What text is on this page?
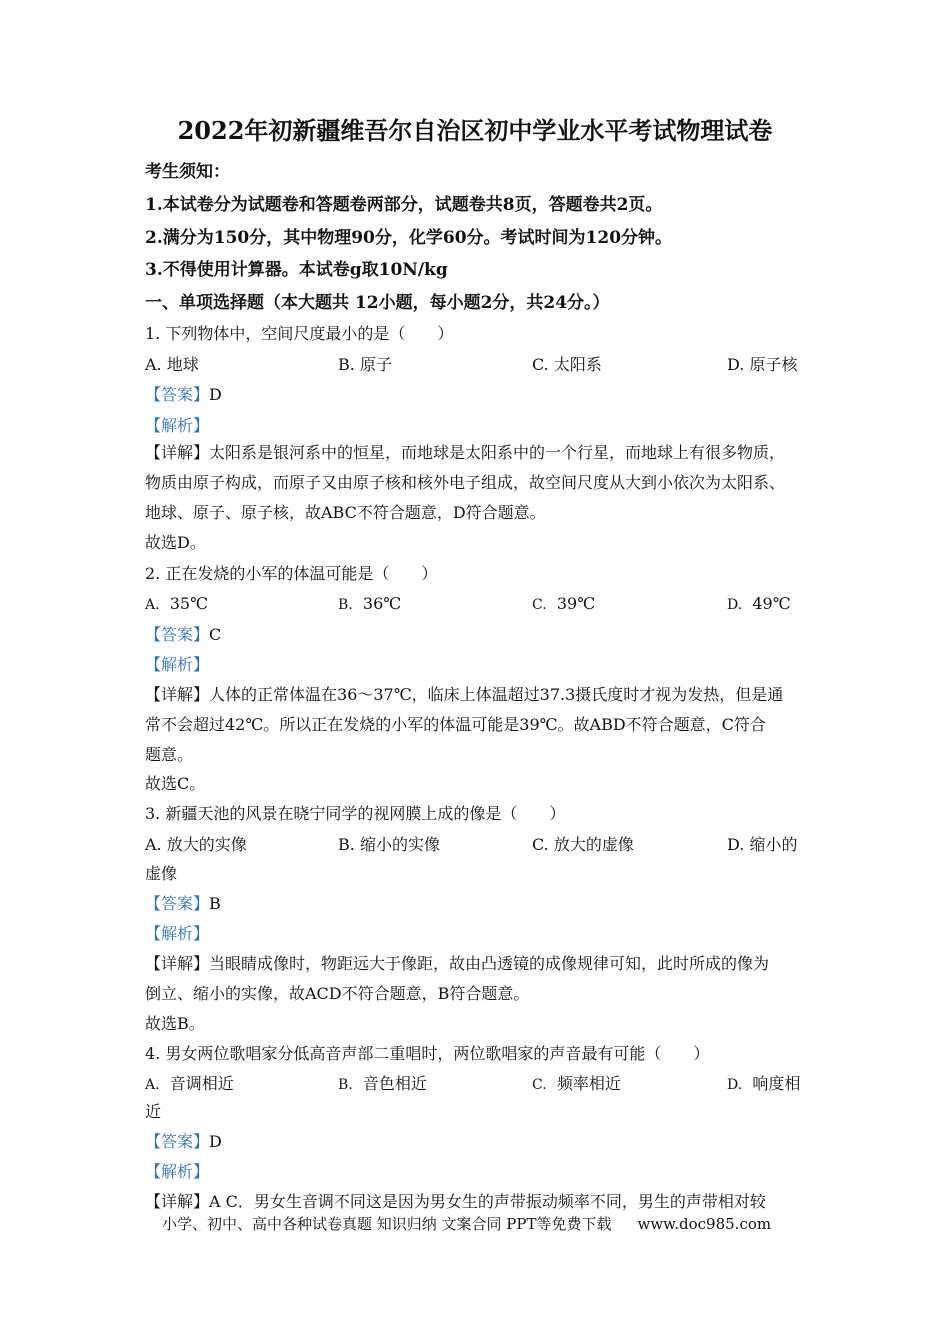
2022年初新疆维吾尔自治区初中学业水平考试物理试卷
考生须知：
1.本试卷分为试题卷和答题卷两部分，试题卷共8页，答题卷共2页。
2.满分为150分，其中物理90分，化学60分。考试时间为120分钟。
3.不得使用计算器。本试卷g取10N/kg
一、单项选择题（本大题共 12小题，每小题2分，共24分。）
1. 下列物体中，空间尺度最小的是（　　）
A. 地球	B. 原子	C. 太阳系	D. 原子核
【答案】D
【解析】
【详解】太阳系是银河系中的恒星，而地球是太阳系中的一个行星，而地球上有很多物质，
物质由原子构成，而原子又由原子核和核外电子组成，故空间尺度从大到小依次为太阳系、
地球、原子、原子核，故ABC不符合题意，D符合题意。
故选D。
2. 正在发烧的小军的体温可能是（　　）
A. 35℃	B. 36℃	C. 39℃	D. 49℃
【答案】C
【解析】
【详解】人体的正常体温在36～37℃，临床上体温超过37.3摄氏度时才视为发热，但是通
常不会超过42℃。所以正在发烧的小军的体温可能是39℃。故ABD不符合题意，C符合
题意。
故选C。
3. 新疆天池的风景在晓宁同学的视网膜上成的像是（　　）
A. 放大的实像	B. 缩小的实像	C. 放大的虚像	D. 缩小的
虚像
【答案】B
【解析】
【详解】当眼睛成像时，物距远大于像距，故由凸透镜的成像规律可知，此时所成的像为
倒立、缩小的实像，故ACD不符合题意，B符合题意。
故选B。
4. 男女两位歌唱家分低高音声部二重唱时，两位歌唱家的声音最有可能（　　）
A. 音调相近	B. 音色相近	C. 频率相近	D. 响度相
近
【答案】D
【解析】
【详解】A C．男女生音调不同这是因为男女生的声带振动频率不同，男生的声带相对较
小学、初中、高中各种试卷真题 知识归纳 文案合同 PPT等免费下载 www.doc985.com
